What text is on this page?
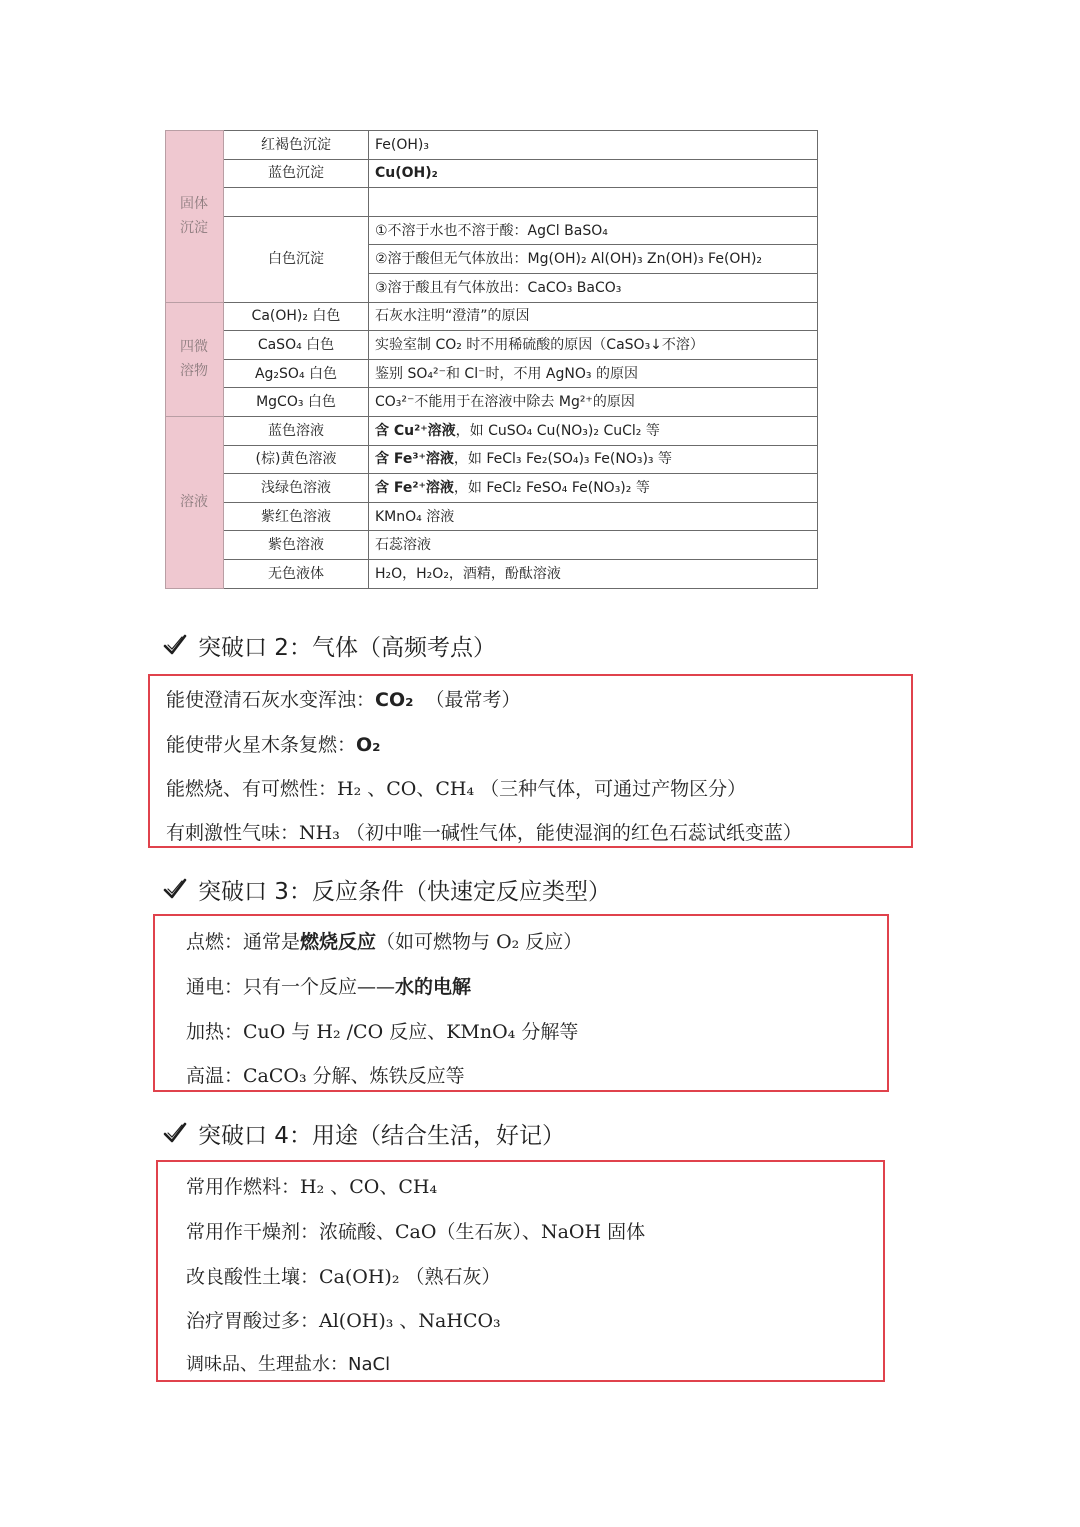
固体沉淀	红褐色沉淀	Fe(OH)₃
	蓝色沉淀	Cu(OH)₂

	白色沉淀	①不溶于水也不溶于酸：AgCl BaSO₄
		②溶于酸但无气体放出：Mg(OH)₂ Al(OH)₃ Zn(OH)₃ Fe(OH)₂
		③溶于酸且有气体放出：CaCO₃ BaCO₃
四微溶物	Ca(OH)₂ 白色	石灰水注明“澄清”的原因
	CaSO₄ 白色	实验室制 CO₂ 时不用稀硫酸的原因（CaSO₃↓不溶）
	Ag₂SO₄ 白色	鉴别 SO₄²⁻和 Cl⁻时，不用 AgNO₃ 的原因
	MgCO₃ 白色	CO₃²⁻不能用于在溶液中除去 Mg²⁺的原因
溶液	蓝色溶液	含 Cu²⁺溶液，如 CuSO₄ Cu(NO₃)₂ CuCl₂ 等
	(棕)黄色溶液	含 Fe³⁺溶液，如 FeCl₃ Fe₂(SO₄)₃ Fe(NO₃)₃ 等
	浅绿色溶液	含 Fe²⁺溶液，如 FeCl₂ FeSO₄ Fe(NO₃)₂ 等
	紫红色溶液	KMnO₄ 溶液
	紫色溶液	石蕊溶液
	无色液体	H₂O，H₂O₂，酒精，酚酞溶液
突破口 2：气体（高频考点）
能使澄清石灰水变浑浊：CO₂ （最常考）
能使带火星木条复燃：O₂
能燃烧、有可燃性：H₂ 、CO、CH₄ （三种气体，可通过产物区分）
有刺激性气味：NH₃ （初中唯一碱性气体，能使湿润的红色石蕊试纸变蓝）
突破口 3：反应条件（快速定反应类型）
点燃：通常是燃烧反应（如可燃物与 O₂ 反应）
通电：只有一个反应——水的电解
加热：CuO 与 H₂ /CO 反应、KMnO₄ 分解等
高温：CaCO₃ 分解、炼铁反应等
突破口 4：用途（结合生活，好记）
常用作燃料：H₂ 、CO、CH₄
常用作干燥剂：浓硫酸、CaO（生石灰）、NaOH 固体
改良酸性土壤：Ca(OH)₂ （熟石灰）
治疗胃酸过多：Al(OH)₃ 、NaHCO₃
调味品、生理盐水：NaCl
